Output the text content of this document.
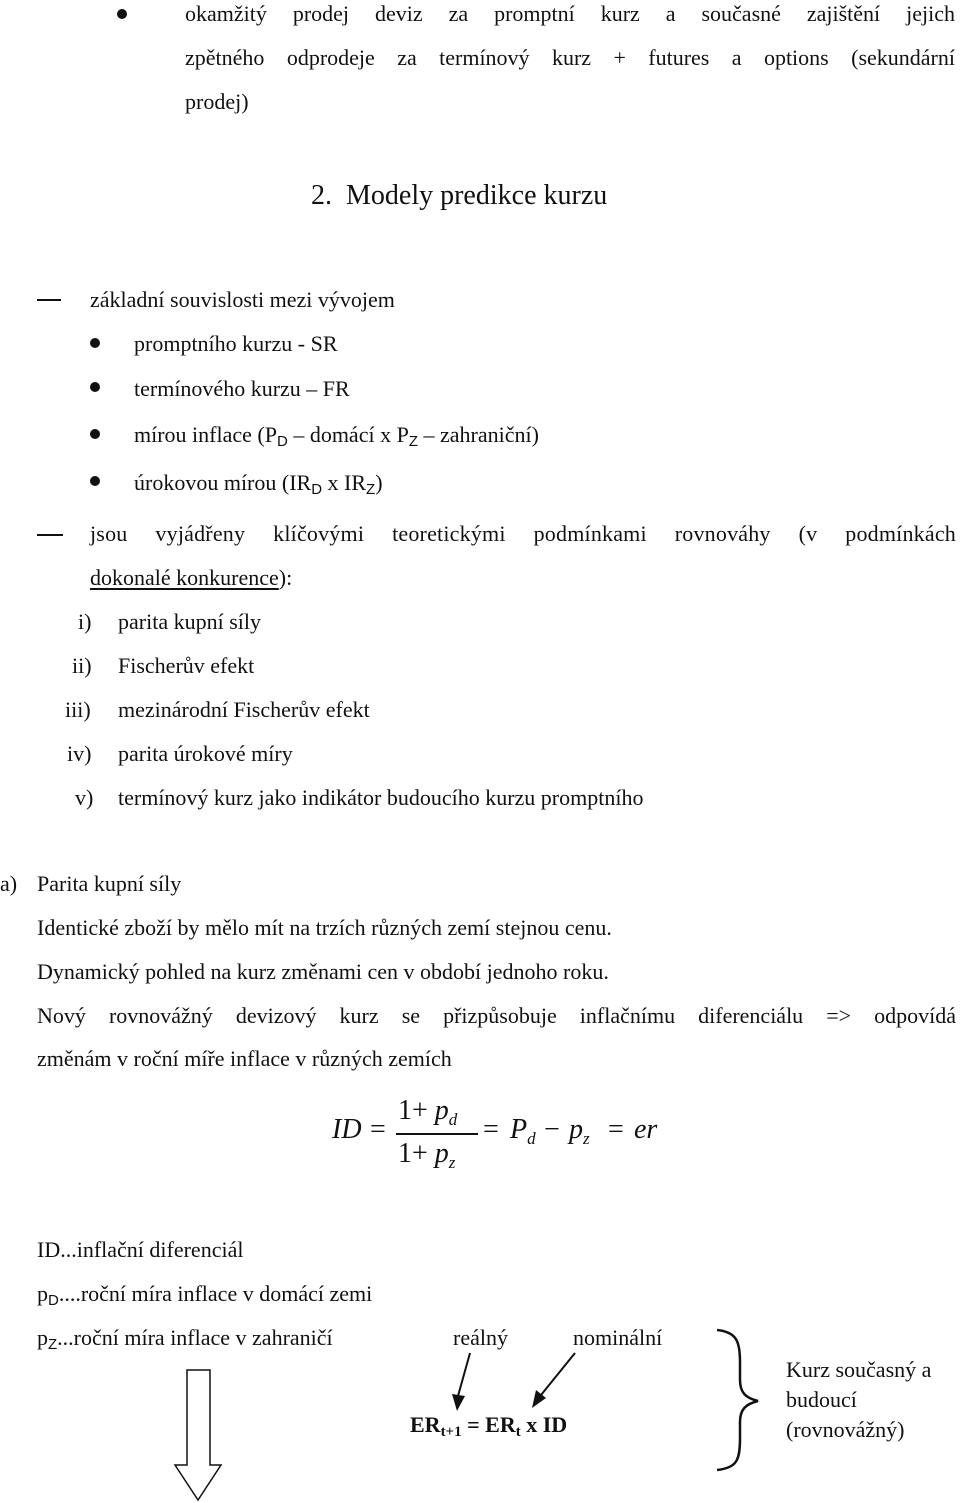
okamžitý prodej deviz za promptní kurz a současné zajištění jejich
zpětného odprodeje za termínový kurz + futures a options (sekundární
prodej)
2.  Modely predikce kurzu
základní souvislosti mezi vývojem
promptního kurzu - SR
termínového kurzu – FR
mírou inflace ($P_D$ – domácí x $P_Z$ – zahraniční)
úrokovou mírou ($IR_D$ x $IR_Z$)
jsou vyjádřeny klíčovými teoretickými podmínkami rovnováhy (v podmínkách
dokonalé konkurence):
i) parita kupní síly
ii) Fischerův efekt
iii) mezinárodní Fischerův efekt
iv) parita úrokové míry
v) termínový kurz jako indikátor budoucího kurzu promptního
a) Parita kupní síly
Identické zboží by mělo mít na trzích různých zemí stejnou cenu.
Dynamický pohled na kurz změnami cen v období jednoho roku.
Nový rovnovážný devizový kurz se přizpůsobuje inflačnímu diferenciálu => odpovídá
změnám v roční míře inflace v různých zemích
ID =
$1+ p_d$
$1+ p_z$
= $P_d - p_z$ = er
ID...inflační diferenciál
$p_D....roční$ míra inflace v domácí zemi
$p_Z...roční$ míra inflace v zahraničí	reálný	nominální
$ER_{t+1} = ER_t$ x ID
Kurz současný a
budoucí
(rovnovážný)
